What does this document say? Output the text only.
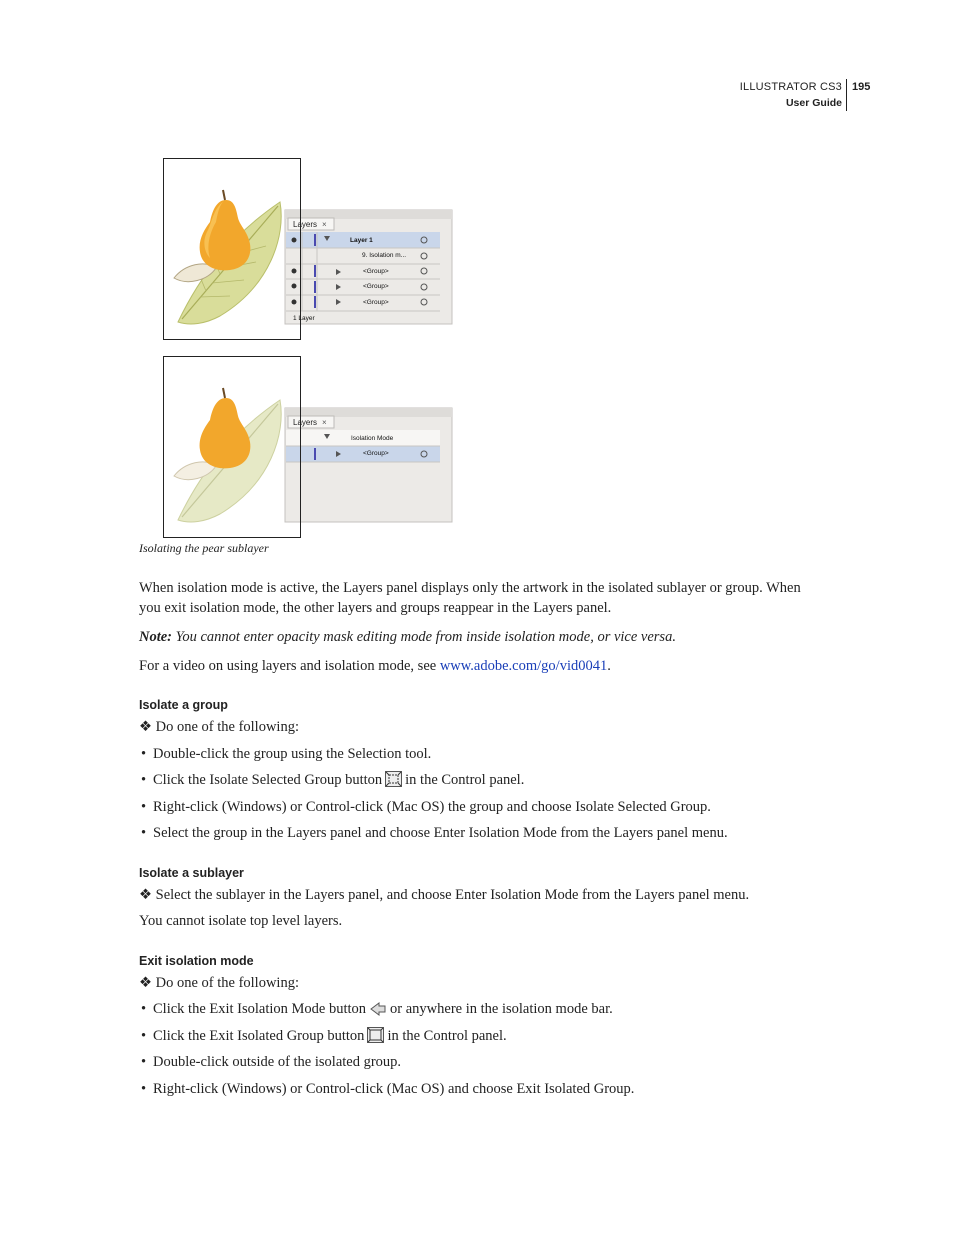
ILLUSTRATOR CS3
User Guide
195
Layers ×
Layer 1
9. Isolation m...
<Group>
<Group>
<Group>
1 Layer
Layers ×
Isolation Mode
<Group>
Isolating the pear sublayer
When isolation mode is active, the Layers panel displays only the artwork in the isolated sublayer or group. When you exit isolation mode, the other layers and groups reappear in the Layers panel.
Note: You cannot enter opacity mask editing mode from inside isolation mode, or vice versa.
For a video on using layers and isolation mode, see www.adobe.com/go/vid0041.
Isolate a group
❖ Do one of the following:
• Double-click the group using the Selection tool.
• Click the Isolate Selected Group button in the Control panel.
• Right-click (Windows) or Control-click (Mac OS) the group and choose Isolate Selected Group.
• Select the group in the Layers panel and choose Enter Isolation Mode from the Layers panel menu.
Isolate a sublayer
❖ Select the sublayer in the Layers panel, and choose Enter Isolation Mode from the Layers panel menu.
You cannot isolate top level layers.
Exit isolation mode
❖ Do one of the following:
• Click the Exit Isolation Mode button or anywhere in the isolation mode bar.
• Click the Exit Isolated Group button in the Control panel.
• Double-click outside of the isolated group.
• Right-click (Windows) or Control-click (Mac OS) and choose Exit Isolated Group.
